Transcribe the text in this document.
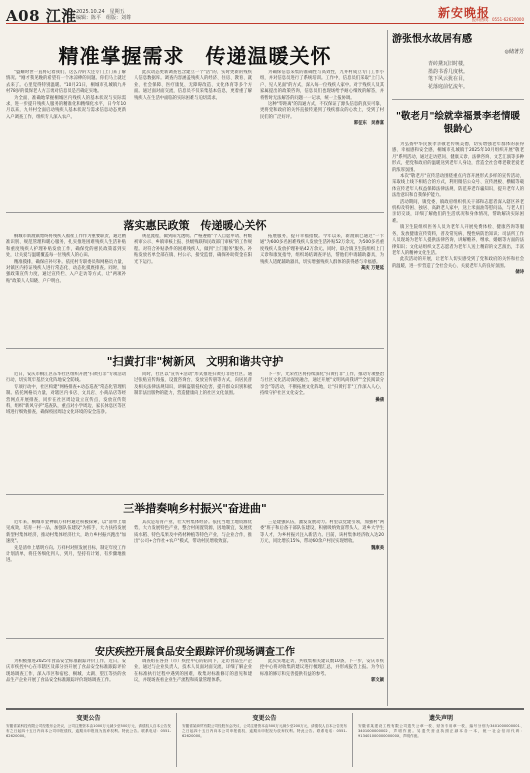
A08 江淮 2025.10.24　星期五
编辑：陈平　组版：刘尊	新安晚报
报料热线：0551-62620000
精准掌握需求　传递温暖关怀

"盛耀时世一直将记着我们，这么冷的天还专门上门来了解情况。"刚才我见晚的希望有一个冰凉棒的问题。你们马上就过去来了。心里觉得特别温暖。"10月21日，桐城市孔城镇九井村78岁的低保老人方言勇对信息员是否确定实地。

为全面、准确地掌握桐城区内残疾人的基本状况与实际需求，进一步提升残疾人服务的精准化和精细化水平，日今年10月以来，九井村全面启动残疾人基本状况与需求信息动态更新入户调查工作，组织专人深入农户。

此次动态更新调查包含建立一个"活"的、实时更新的残疾人信息数据库。调查内容涵盖残疾人的经济、住房、教育、就业、社会保障、医疗康复、无障碍改造、文化体育等多个方面。通过面对面交流，信息员不仅采集基本信息，更着重了解残疾人在生活中面临的实际困难与迫切需求。

为确保信息采集的准确性与高效性，九井村成立专门工作小组，并对信息员进行了系统培训。工作中，信息员们采取"上门入户、见人见面"的方式，深入每一位残疾人家中。对于残疾人及其家属提出的政策咨询，信息员们也现场给予耐心细致的解答，并将暂时无法解答的问题一一记录，统一上报协调。

这种"零距离"的沟通方式，不仅保证了源头信息的真实可靠，更将党和政府的关怀直接传递到了残疾群众的心坎上，受到了村民们的广泛好评。

郭征东　吴春富
落实惠民政策　传递暖心关怀

桐城市新渡镇始终将残疾人福祉工作作为重要职责，通过精准识别、规范管理和暖心服务，扎实推进困难残疾人生活补贴和重度残疾人护理补贴发放工作，确保党的惠民政策落到实处，让关爱与温暖覆盖每一位残疾人的心田。

精准摸排，确保应补尽补。依托村专职委员和网格员力量，对镇区内持证残疾人进行常态化、动态化摸底排查。同时，加强政策宣传力度，通过宣传栏、入户走访等方式，让"两项补贴"政策人人知晓、户户明白。

规范流程，做到阳光透明。严格遵循"个人自愿申请、村级初审公示、乡镇审核上报、县级残联和民政部门审核"的工作规程。对符合补贴条件的困难残疾人，做到"上门服务"服务。补贴发放名单全部在镇、村公示，接受监督，确保补助资金在阳光下运行。

拓展服务，提升幸福指数。今年以来，新渡镇已通过"一卡通"为600多名困难残疾人发放生活补贴52万余元，为500多名重度残疾人发放护理补贴42万余元。同时，联合镇卫生院组织上门义诊和康复指导，组织场结调查评估，帮他们申请辅助器具，为残疾人适配辅助器具，切实增强残疾人群体的获得感与幸福感。

高庆 万楚延
"扫黄打非"树新风　文明和谐共守护

近日，安庆市桐江区东华社区组织开展"扫黄打非"专项活动行动，切实筑牢基层文化阵地安全防线。

专项行动中，社区构建"网格排查+动态巡查"常态化管理机制。依托网格员力量，对辖区内书店、文具店、小商品店等经营网点开展排查，同步在社区周边设立宣传点，发放宣传资料，组织"新风守护"巡查队，重点对小学周边、家长休息区等区域进行细致排查，确保校园周边文化环境的安全洁净。

同时，社区以"宣传+活动"形式推进扫黄打非进社区。通过张贴宣传海报、设置咨询台、发放宣传册等方式，向居民普及相关法律法规知识，讲解盗版侵权危害，提升群众识别和抵制非法出版物的能力，营造健康向上的社区文化氛围。

下一步，光荣社区将持续深化"扫黄打非"工作，推动专项整治与社区文化活动深度融合，通过开展"文明风尚我讲""全民阅读分享会"等活动，不断拓展文化阵地，让"扫黄打非"工作深入人心，持续守护社区文化安全。

操倩
三举措奏响乡村振兴"奋进曲"

近年来，桐城市金神镇万祥村通过积极探索，以"清单上墙见成效，培育一村一品，加强队伍建设"为抓手，大力扶持发展新型村集体经济，推动村集体经济壮大，助力乡村振兴跑出"加速度"。

先是清单上墙明方向。万祥村对照发展目标，制定年度工作计划清单，将任务细化到人、到月，坚持有计划、有步骤地推进。

其次是培育产业，壮大村集体经济。依托当地土地资源优势，大力发展特色产业，整合村闲置资源，因地制宜，发展优质水稻、特色瓜果及中药材种植等特色产业，与企业合作，推出"公司+合作社+农户"模式，带动村民增收致富。

三是建强队伍，激发发展动力。村里以党建引领，加强村"两委"班子和后备干部队伍建设，积极吸纳致富带头人、返乡大学生等人才，为乡村振兴注入新活力。目前，该村集体经济收入达20万元，同比增长15%，带动60余户村民实现增收。

魏康美
安庆疾控开展食品安全跟踪评价现场调查工作

为积极推进2025年食品安全标准跟踪评价工作，近日，安庆市疾控中心在市辖区及部分县开展了食品安全标准跟踪评价现场调查工作，深入市区和宿松、桐城、太湖、望江等县的食品生产企业开展了食品安全标准跟踪评价现场调查工作。

调查组在各县（市）疾控中心的陪同下，走访食品生产企业，通过与企业负责人、技术人员面对面交流，详细了解企业在标准执行过程中遇到的困难，收集对标准修订的意见和建议，并现场查看企业生产流程和质量管理体系。

此次实地走访，共收集相关建议数10条，下一步，安庆市疾控中心将对收集的建议进行梳理汇总，并形成报告上报。为今后标准的修订和完善提供有益的参考。

郭文颖
游张恨水故居有感
◎储著芳
青砖黛瓦旧时楼，
墨韵书香几度秋。
笔下风云犹在目，
花落庭前忆流年。
"敬老月"绘就幸福景李老情暖银龄心

为弘扬中华民族孝亲敬老传统美德，切实增强老年群体的获得感、幸福感和安全感，桐城市孔城镇于2025年10月组织开展"敬老月"系列活动，通过走访慰问、健康义诊、法律咨询、文艺汇演等多种形式，把党和政府的温暖送到老年人身边，营造全社会尊老敬老爱老的浓厚氛围。

本次"敬老月"宣传活动围绕重点内容开展形式多样的宣传活动，采取线上线下相结合的方式，利用微信公众号、宣传展板、横幅等载体宣传老年人权益保障法律法规、防范养老诈骗知识，提升老年人的法治意识和自我保护能力。

活动期间，镇党委、镇政府组织机关干部和志愿者深入辖区养老机构及特困、独居、高龄老人家中，送上米面油等慰问品，与老人们亲切交谈，详细了解他们的生活状况和身体情况，帮助解决实际困难。

镇卫生院组织医务人员为老年人开展免费体检、健康咨询等服务，发放健康宣传资料，普及常见病、慢性病防治知识；司法所工作人员现场为老年人提供法律咨询，讲解赡养、继承、婚姻等方面的法律知识；文化站组织文艺志愿者为老年人送上精彩的文艺演出，丰富老年人的精神文化生活。

此次活动的开展，让老年人切实感受到了党和政府的关怀和社会的温暖，进一步营造了全社会关心、关爱老年人的良好氛围。

储诗
变更公告
安徽省某科技有限公司经股东会决议，公司注册资本由1000万元减少至500万元，请债权人自本公告发布之日起四十五日内向本公司申报债权，逾期未申报视为放弃权利。特此公告。联系电话：0551-62620000。
变更公告
安徽省某商贸有限公司经股东会决议，公司注册资本由500万元减少至200万元，请债权人自本公告发布之日起四十五日内向本公司申报债权，逾期未申报视为放弃权利。特此公告。联系电话：0551-62620000。
遗失声明
安徽省某建设工程有限公司遗失公章一枚、财务专用章一枚，编号分别为3401000000001、3401000000002，声明作废。另遗失营业执照正副本各一本，统一社会信用代码：91340100000000000X，声明作废。
